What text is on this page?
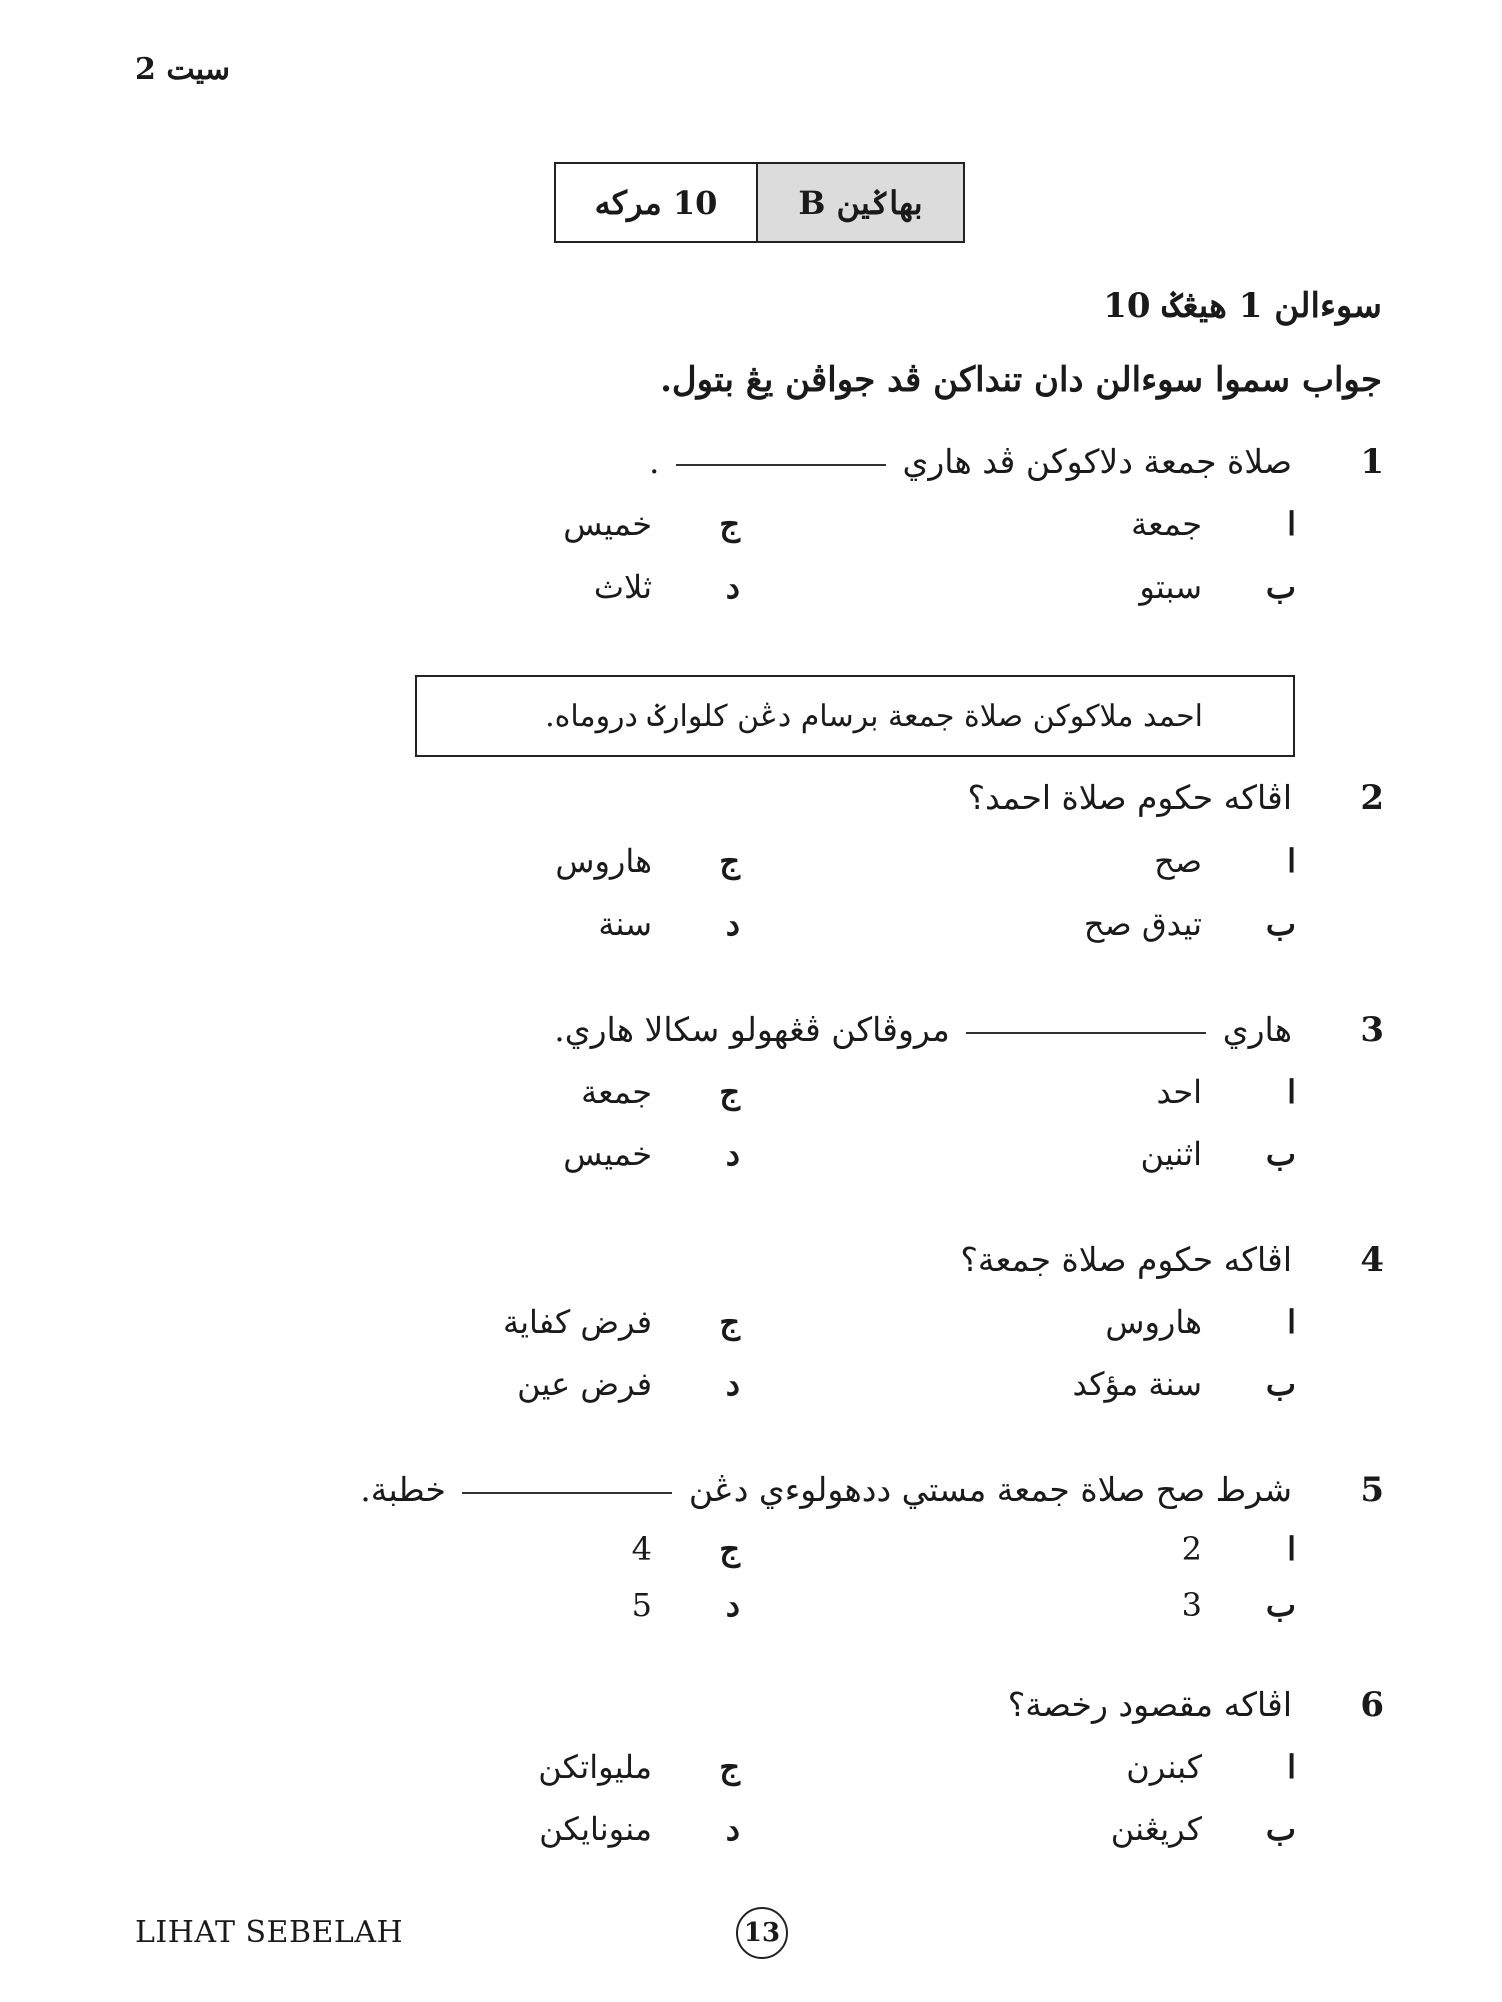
سيت 2
10 مركه	بهاݢين B
سوءالن 1 هيڠݢ 10
جواب سموا سوءالن دان تنداکن ڤد جواڤن يڠ بتول.
1
صلاة جمعة دلاکوکن ڤد هاري  .
ا
جمعة
ج
خميس
ب
سبتو
د
ثلاث
احمد ملاکوکن صلاة جمعة برسام دڠن کلوارݢ دروماه.
2
اڤاکه حکوم صلاة احمد؟
ا
صح
ج
هاروس
ب
تيدق صح
د
سنة
3
هاري  مروڤاکن ڤڠهولو سکالا هاري.
ا
احد
ج
جمعة
ب
اثنين
د
خميس
4
اڤاکه حکوم صلاة جمعة؟
ا
هاروس
ج
فرض کفاية
ب
سنة مؤکد
د
فرض عين
5
شرط صح صلاة جمعة مستي ددهولوءي دڠن  خطبة.
ا
2
ج
4
ب
3
د
5
6
اڤاکه مقصود رخصة؟
ا
کبنرن
ج
مليواتکن
ب
کريڠنن
د
منونايکن
LIHAT SEBELAH	13
